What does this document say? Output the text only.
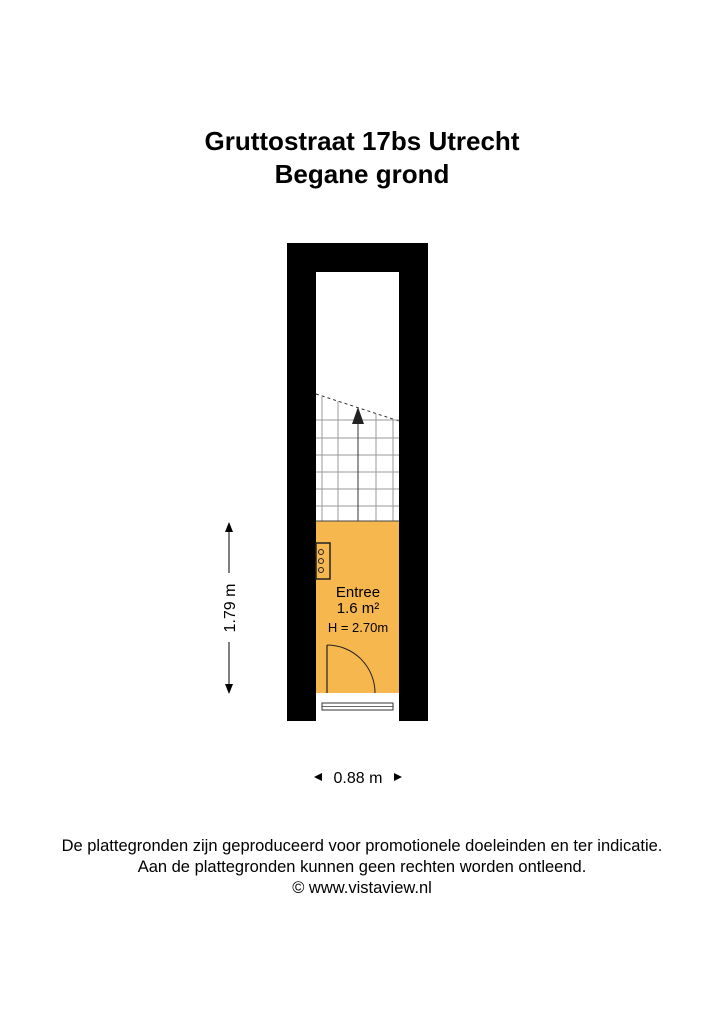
Gruttostraat 17bs Utrecht
Begane grond
Entree
1.6 m²
H = 2.70m
1.79 m
0.88 m
De plattegronden zijn geproduceerd voor promotionele doeleinden en ter indicatie.
Aan de plattegronden kunnen geen rechten worden ontleend.
© www.vistaview.nl
